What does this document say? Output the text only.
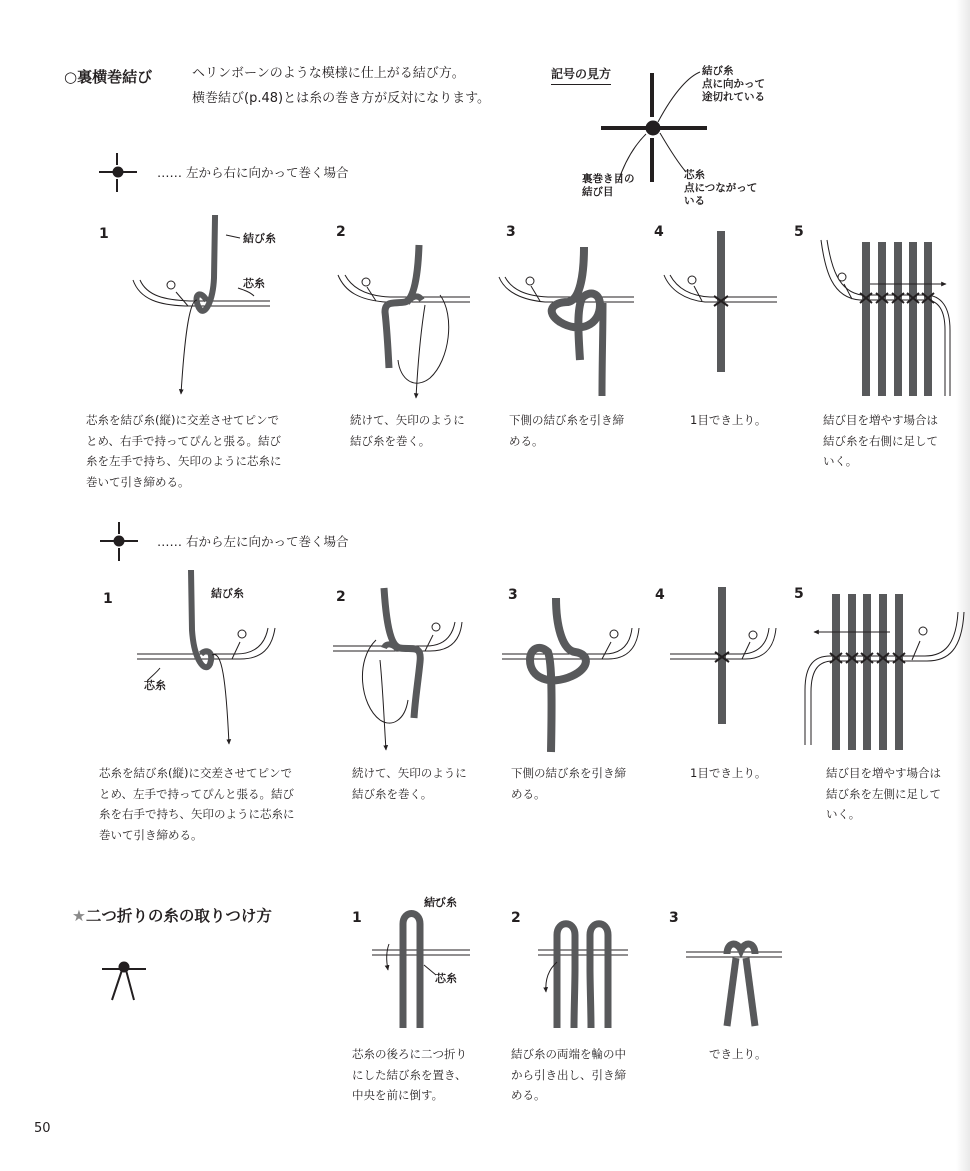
○裏横巻結び	ヘリンボーンのような模様に仕上がる結び方。
横巻結び(p.48)とは糸の巻き方が反対になります。
記号の見方	結び糸
点に向かって
途切れている
芯糸
点につながって
いる
裏巻き目の
結び目
…… 左から右に向かって巻く場合
1	2	3	4	5
結び糸
芯糸
芯糸を結び糸(縦)に交差させてピンで
とめ、右手で持ってぴんと張る。結び
糸を左手で持ち、矢印のように芯糸に
巻いて引き締める。
続けて、矢印のように
結び糸を巻く。
下側の結び糸を引き締
める。
1目でき上り。	結び目を増やす場合は
結び糸を右側に足して
いく。
…… 右から左に向かって巻く場合
1	2	3	4	5
結び糸
芯糸
芯糸を結び糸(縦)に交差させてピンで
とめ、左手で持ってぴんと張る。結び
糸を右手で持ち、矢印のように芯糸に
巻いて引き締める。
続けて、矢印のように
結び糸を巻く。
下側の結び糸を引き締
める。
1目でき上り。	結び目を増やす場合は
結び糸を左側に足して
いく。
★二つ折りの糸の取りつけ方	1	2	3
結び糸
芯糸
芯糸の後ろに二つ折り
にした結び糸を置き、
中央を前に倒す。
結び糸の両端を輪の中
から引き出し、引き締
める。
でき上り。
50
